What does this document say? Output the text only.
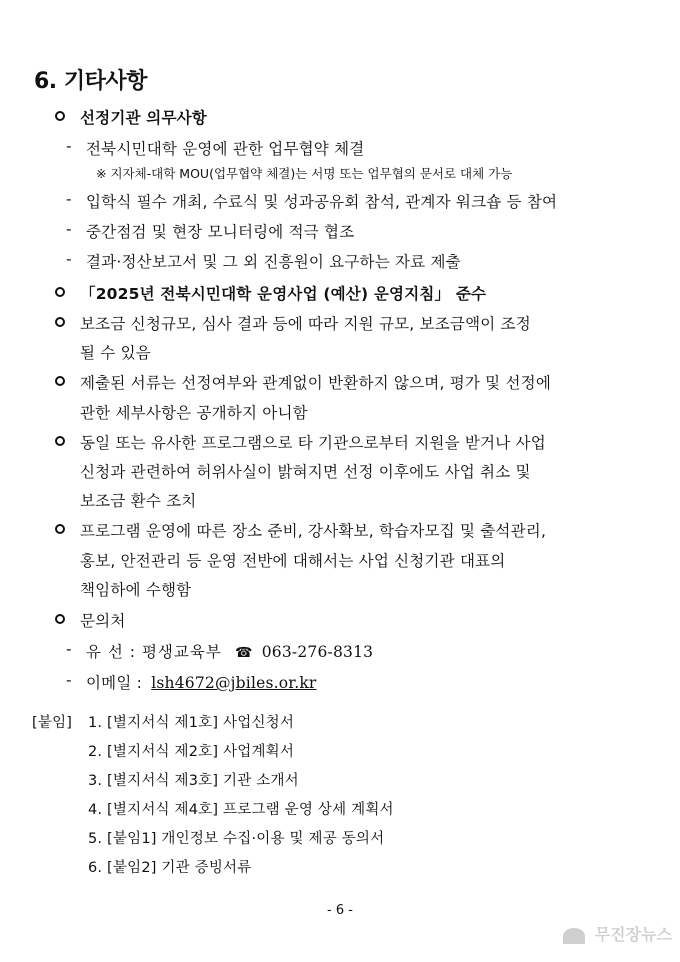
6. 기타사항
선정기관 의무사항
- 전북시민대학 운영에 관한 업무협약 체결
※ 지자체-대학 MOU(업무협약 체결)는 서명 또는 업무협의 문서로 대체 가능
- 입학식 필수 개최, 수료식 및 성과공유회 참석, 관계자 워크숍 등 참여
- 중간점검 및 현장 모니터링에 적극 협조
- 결과·정산보고서 및 그 외 진흥원이 요구하는 자료 제출
「2025년 전북시민대학 운영사업 (예산) 운영지침」 준수
보조금 신청규모, 심사 결과 등에 따라 지원 규모, 보조금액이 조정
될 수 있음
제출된 서류는 선정여부와 관계없이 반환하지 않으며, 평가 및 선정에
관한 세부사항은 공개하지 아니함
동일 또는 유사한 프로그램으로 타 기관으로부터 지원을 받거나 사업
신청과 관련하여 허위사실이 밝혀지면 선정 이후에도 사업 취소 및
보조금 환수 조치
프로그램 운영에 따른 장소 준비, 강사확보, 학습자모집 및 출석관리,
홍보, 안전관리 등 운영 전반에 대해서는 사업 신청기관 대표의
책임하에 수행함
문의처
- 유 선 : 평생교육부 ☎ 063-276-8313
- 이메일 : lsh4672@jbiles.or.kr
[붙임] 1. [별지서식 제1호] 사업신청서
2. [별지서식 제2호] 사업계획서
3. [별지서식 제3호] 기관 소개서
4. [별지서식 제4호] 프로그램 운영 상세 계획서
5. [붙임1] 개인정보 수집·이용 및 제공 동의서
6. [붙임2] 기관 증빙서류
- 6 -
무진장뉴스
